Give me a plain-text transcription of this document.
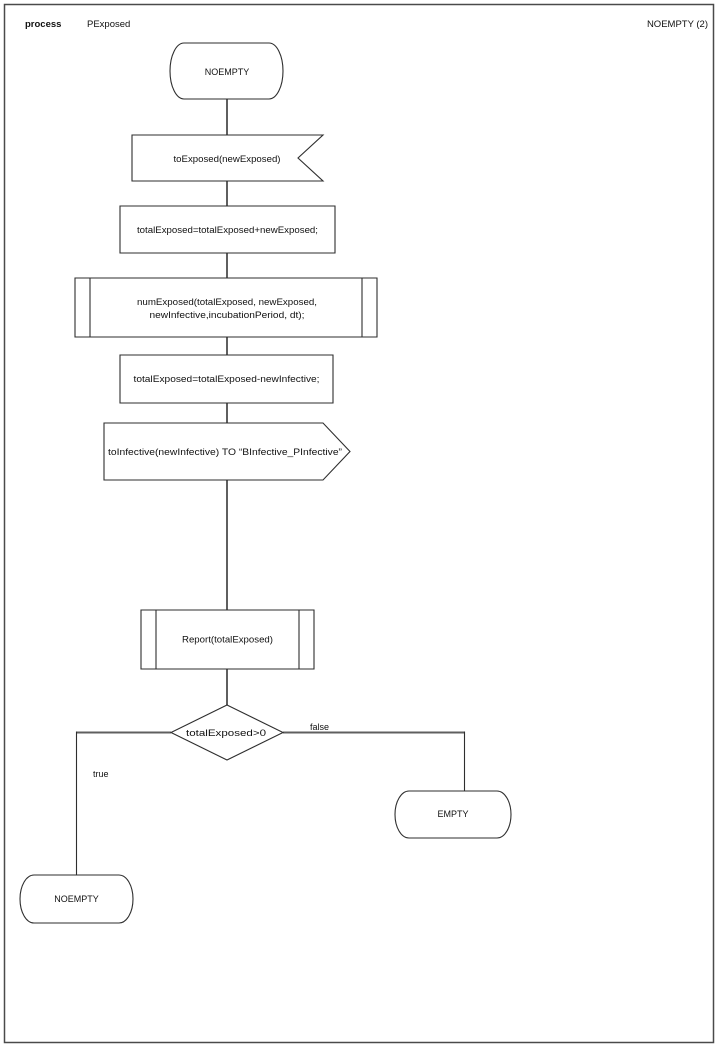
process	PExposed	NOEMPTY (2)
NOEMPTY
toExposed(newExposed)
totalExposed=totalExposed+newExposed;
numExposed(totalExposed, newExposed,
newInfective,incubationPeriod, dt);
totalExposed=totalExposed-newInfective;
toInfective(newInfective) TO “BInfective_PInfective”
Report(totalExposed)
totalExposed>0
false
true
EMPTY
NOEMPTY
